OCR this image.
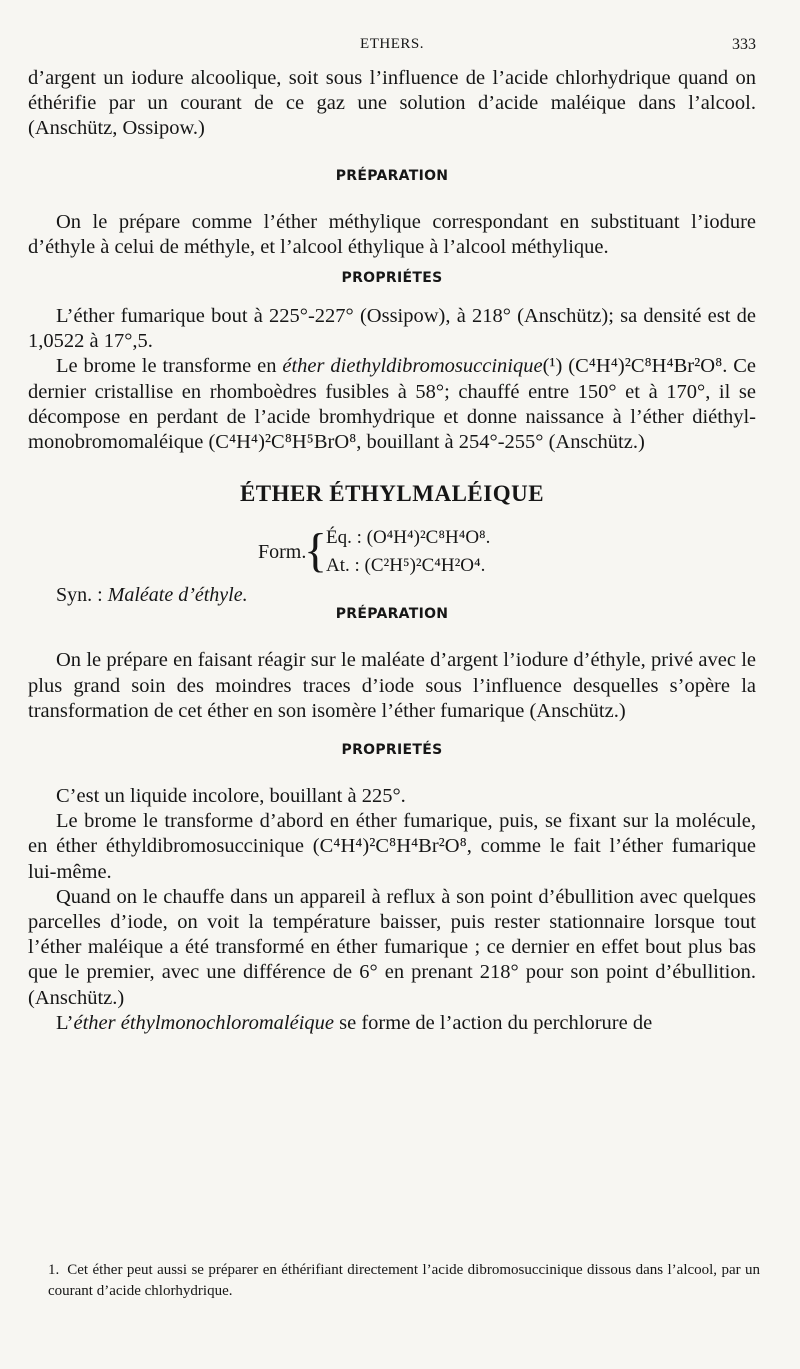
ETHERS.	333

d’argent un iodure alcoolique, soit sous l’influence de l’acide chlorhydrique quand on éthérifie par un courant de ce gaz une solution d’acide maléique dans l’alcool. (Anschütz, Ossipow.)

PRÉPARATION

On le prépare comme l’éther méthylique correspondant en substituant l’iodure d’éthyle à celui de méthyle, et l’alcool éthylique à l’alcool méthylique.

PROPRIÉTES

L’éther fumarique bout à 225°-227° (Ossipow), à 218° (Anschütz); sa densité est de 1,0522 à 17°,5.

Le brome le transforme en éther diethyldibromosuccinique(¹) (C⁴H⁴)²C⁸H⁴Br²O⁸. Ce dernier cristallise en rhomboèdres fusibles à 58°; chauffé entre 150° et à 170°, il se décompose en perdant de l’acide bromhydrique et donne naissance à l’éther diéthyl-monobromomaléique (C⁴H⁴)²C⁸H⁵BrO⁸, bouillant à 254°-255° (Anschütz.)

ÉTHER ÉTHYLMALÉIQUE
Form.
{
Éq. : (O⁴H⁴)²C⁸H⁴O⁸.
At. : (C²H⁵)²C⁴H²O⁴.

Syn. : Maléate d’éthyle.

PRÉPARATION

On le prépare en faisant réagir sur le maléate d’argent l’iodure d’éthyle, privé avec le plus grand soin des moindres traces d’iode sous l’influence desquelles s’opère la transformation de cet éther en son isomère l’éther fumarique (Anschütz.)

PROPRIETÉS

C’est un liquide incolore, bouillant à 225°.

Le brome le transforme d’abord en éther fumarique, puis, se fixant sur la molécule, en éther éthyldibromosuccinique (C⁴H⁴)²C⁸H⁴Br²O⁸, comme le fait l’éther fumarique lui-même.

Quand on le chauffe dans un appareil à reflux à son point d’ébullition avec quelques parcelles d’iode, on voit la température baisser, puis rester stationnaire lorsque tout l’éther maléique a été transformé en éther fumarique ; ce dernier en effet bout plus bas que le premier, avec une différence de 6° en prenant 218° pour son point d’ébullition. (Anschütz.)

L’éther éthylmonochloromaléique se forme de l’action du perchlorure de

1. Cet éther peut aussi se préparer en éthérifiant directement l’acide dibromosuccinique dissous dans l’alcool, par un courant d’acide chlorhydrique.
